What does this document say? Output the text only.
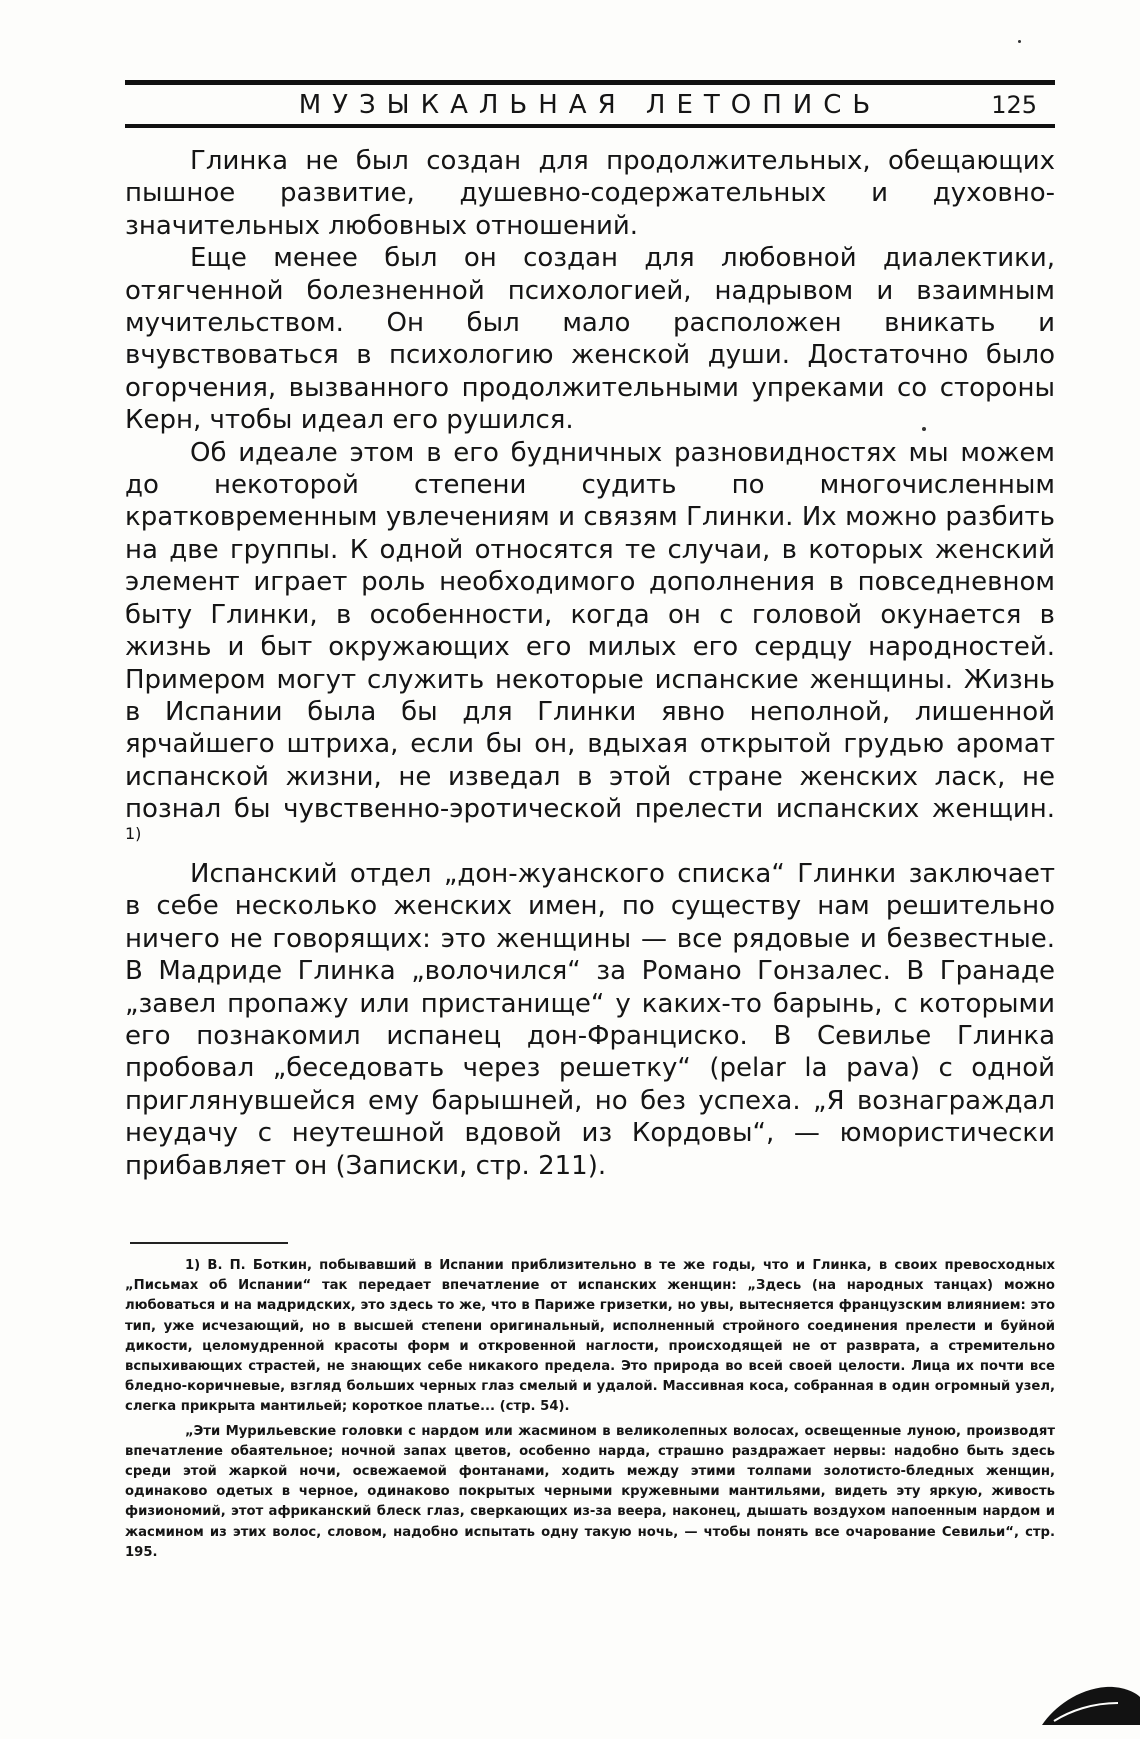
МУЗЫКАЛЬНАЯ ЛЕТОПИСЬ	125

Глинка не был создан для продолжительных, обещающих пышное развитие, душевно-содержательных и духовно-значительных любовных отношений.

Еще менее был он создан для любовной диалектики, отягченной болезненной психологией, надрывом и взаимным мучительством. Он был мало расположен вникать и вчувствоваться в психологию женской души. Достаточно было огорчения, вызванного продолжительными упреками со стороны Керн, чтобы идеал его рушился.

Об идеале этом в его будничных разновидностях мы можем до некоторой степени судить по многочисленным кратковременным увлечениям и связям Глинки. Их можно разбить на две группы. К одной относятся те случаи, в которых женский элемент играет роль необходимого дополнения в повседневном быту Глинки, в особенности, когда он с головой окунается в жизнь и быт окружающих его милых его сердцу народностей. Примером могут служить некоторые испанские женщины. Жизнь в Испании была бы для Глинки явно неполной, лишенной ярчайшего штриха, если бы он, вдыхая открытой грудью аромат испанской жизни, не изведал в этой стране женских ласк, не познал бы чувственно-эротической прелести испанских женщин. $^{1)}$

Испанский отдел „дон-жуанского списка“ Глинки заключает в себе несколько женских имен, по существу нам решительно ничего не говорящих: это женщины — все рядовые и безвестные. В Мадриде Глинка „волочился“ за Романо Гонзалес. В Гранаде „завел пропажу или пристанище“ у каких-то барынь, с которыми его познакомил испанец дон-Франциско. В Севилье Глинка пробовал „беседовать через решетку“ (pelar la pava) с одной приглянувшейся ему барышней, но без успеха. „Я вознаграждал неудачу с неутешной вдовой из Кордовы“, — юмористически прибавляет он (Записки, стр. 211).

1) В. П. Боткин, побывавший в Испании приблизительно в те же годы, что и Глинка, в своих превосходных „Письмах об Испании“ так передает впечатление от испанских женщин: „Здесь (на народных танцах) можно любоваться и на мадридских, это здесь то же, что в Париже гризетки, но увы, вытесняется французским влиянием: это тип, уже исчезающий, но в высшей степени оригинальный, исполненный стройного соединения прелести и буйной дикости, целомудренной красоты форм и откровенной наглости, происходящей не от разврата, а стремительно вспыхивающих страстей, не знающих себе никакого предела. Это природа во всей своей целости. Лица их почти все бледно-коричневые, взгляд больших черных глаз смелый и удалой. Массивная коса, собранная в один огромный узел, слегка прикрыта мантильей; короткое платье... (стр. 54).

„Эти Мурильевские головки с нардом или жасмином в великолепных волосах, освещенные луною, производят впечатление обаятельное; ночной запах цветов, особенно нарда, страшно раздражает нервы: надобно быть здесь среди этой жаркой ночи, освежаемой фонтанами, ходить между этими толпами золотисто-бледных женщин, одинаково одетых в черное, одинаково покрытых черными кружевными мантильями, видеть эту яркую, живость физиономий, этот африканский блеск глаз, сверкающих из-за веера, наконец, дышать воздухом напоенным нардом и жасмином из этих волос, словом, надобно испытать одну такую ночь, — чтобы понять все очарование Севильи“, стр. 195.
